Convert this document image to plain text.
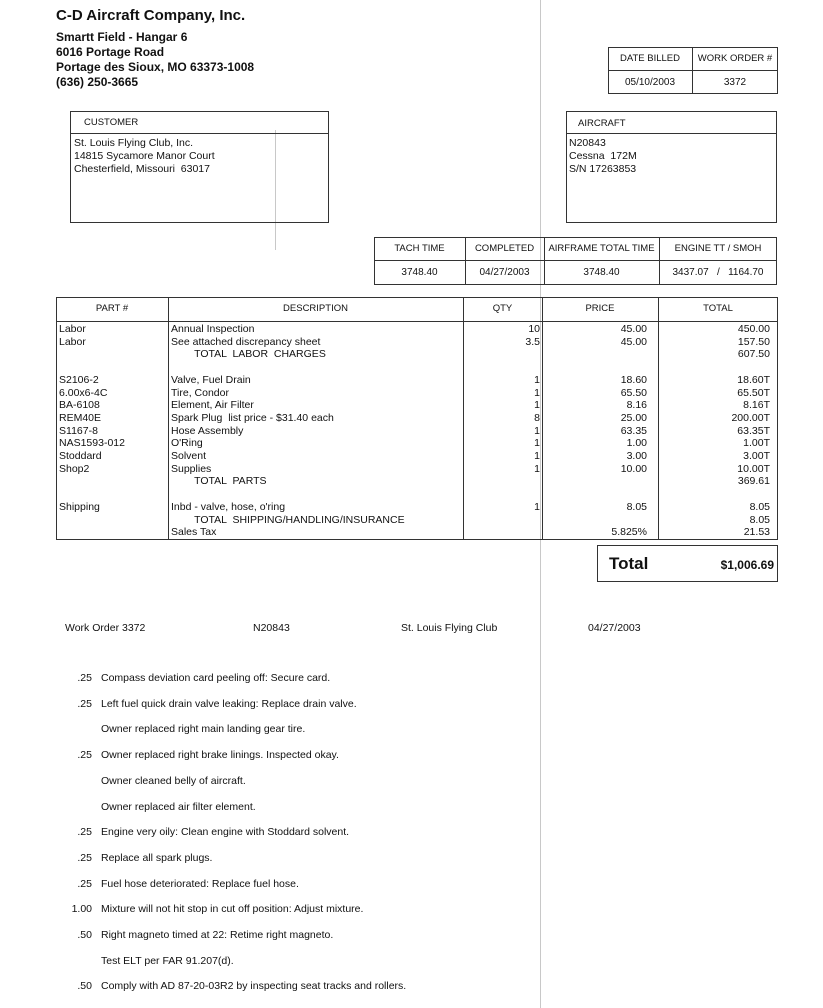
C-D Aircraft Company, Inc.
Smartt Field - Hangar 6
6016 Portage Road
Portage des Sioux, MO 63373-1008
(636) 250-3665
DATE BILLED	WORK ORDER #
05/10/2003	3372
CUSTOMER
St. Louis Flying Club, Inc.
14815 Sycamore Manor Court
Chesterfield, Missouri  63017
AIRCRAFT
N20843
Cessna  172M
S/N 17263853
TACH TIME	COMPLETED	AIRFRAME TOTAL TIME	ENGINE TT / SMOH
3748.40	04/27/2003	3748.40	3437.07   /   1164.70
PART #	DESCRIPTION	QTY	PRICE	TOTAL
Labor	Annual Inspection	10	45.00	450.00
Labor	See attached discrepancy sheet	3.5	45.00	157.50
TOTAL  LABOR  CHARGES	607.50
S2106-2	Valve, Fuel Drain	1	18.60	18.60T
6.00x6-4C	Tire, Condor	1	65.50	65.50T
BA-6108	Element, Air Filter	1	8.16	8.16T
REM40E	Spark Plug  list price - $31.40 each	8	25.00	200.00T
S1167-8	Hose Assembly	1	63.35	63.35T
NAS1593-012	O'Ring	1	1.00	1.00T
Stoddard	Solvent	1	3.00	3.00T
Shop2	Supplies	1	10.00	10.00T
TOTAL  PARTS	369.61
Shipping	Inbd - valve, hose, o'ring	1	8.05	8.05
TOTAL  SHIPPING/HANDLING/INSURANCE	8.05
Sales Tax	5.825%	21.53
Total	$1,006.69
Work Order 3372	N20843	St. Louis Flying Club	04/27/2003
.25 Compass deviation card peeling off: Secure card.
.25 Left fuel quick drain valve leaking: Replace drain valve.
Owner replaced right main landing gear tire.
.25 Owner replaced right brake linings. Inspected okay.
Owner cleaned belly of aircraft.
Owner replaced air filter element.
.25 Engine very oily: Clean engine with Stoddard solvent.
.25 Replace all spark plugs.
.25 Fuel hose deteriorated: Replace fuel hose.
1.00 Mixture will not hit stop in cut off position: Adjust mixture.
.50 Right magneto timed at 22: Retime right magneto.
Test ELT per FAR 91.207(d).
.50 Comply with AD 87-20-03R2 by inspecting seat tracks and rollers.
